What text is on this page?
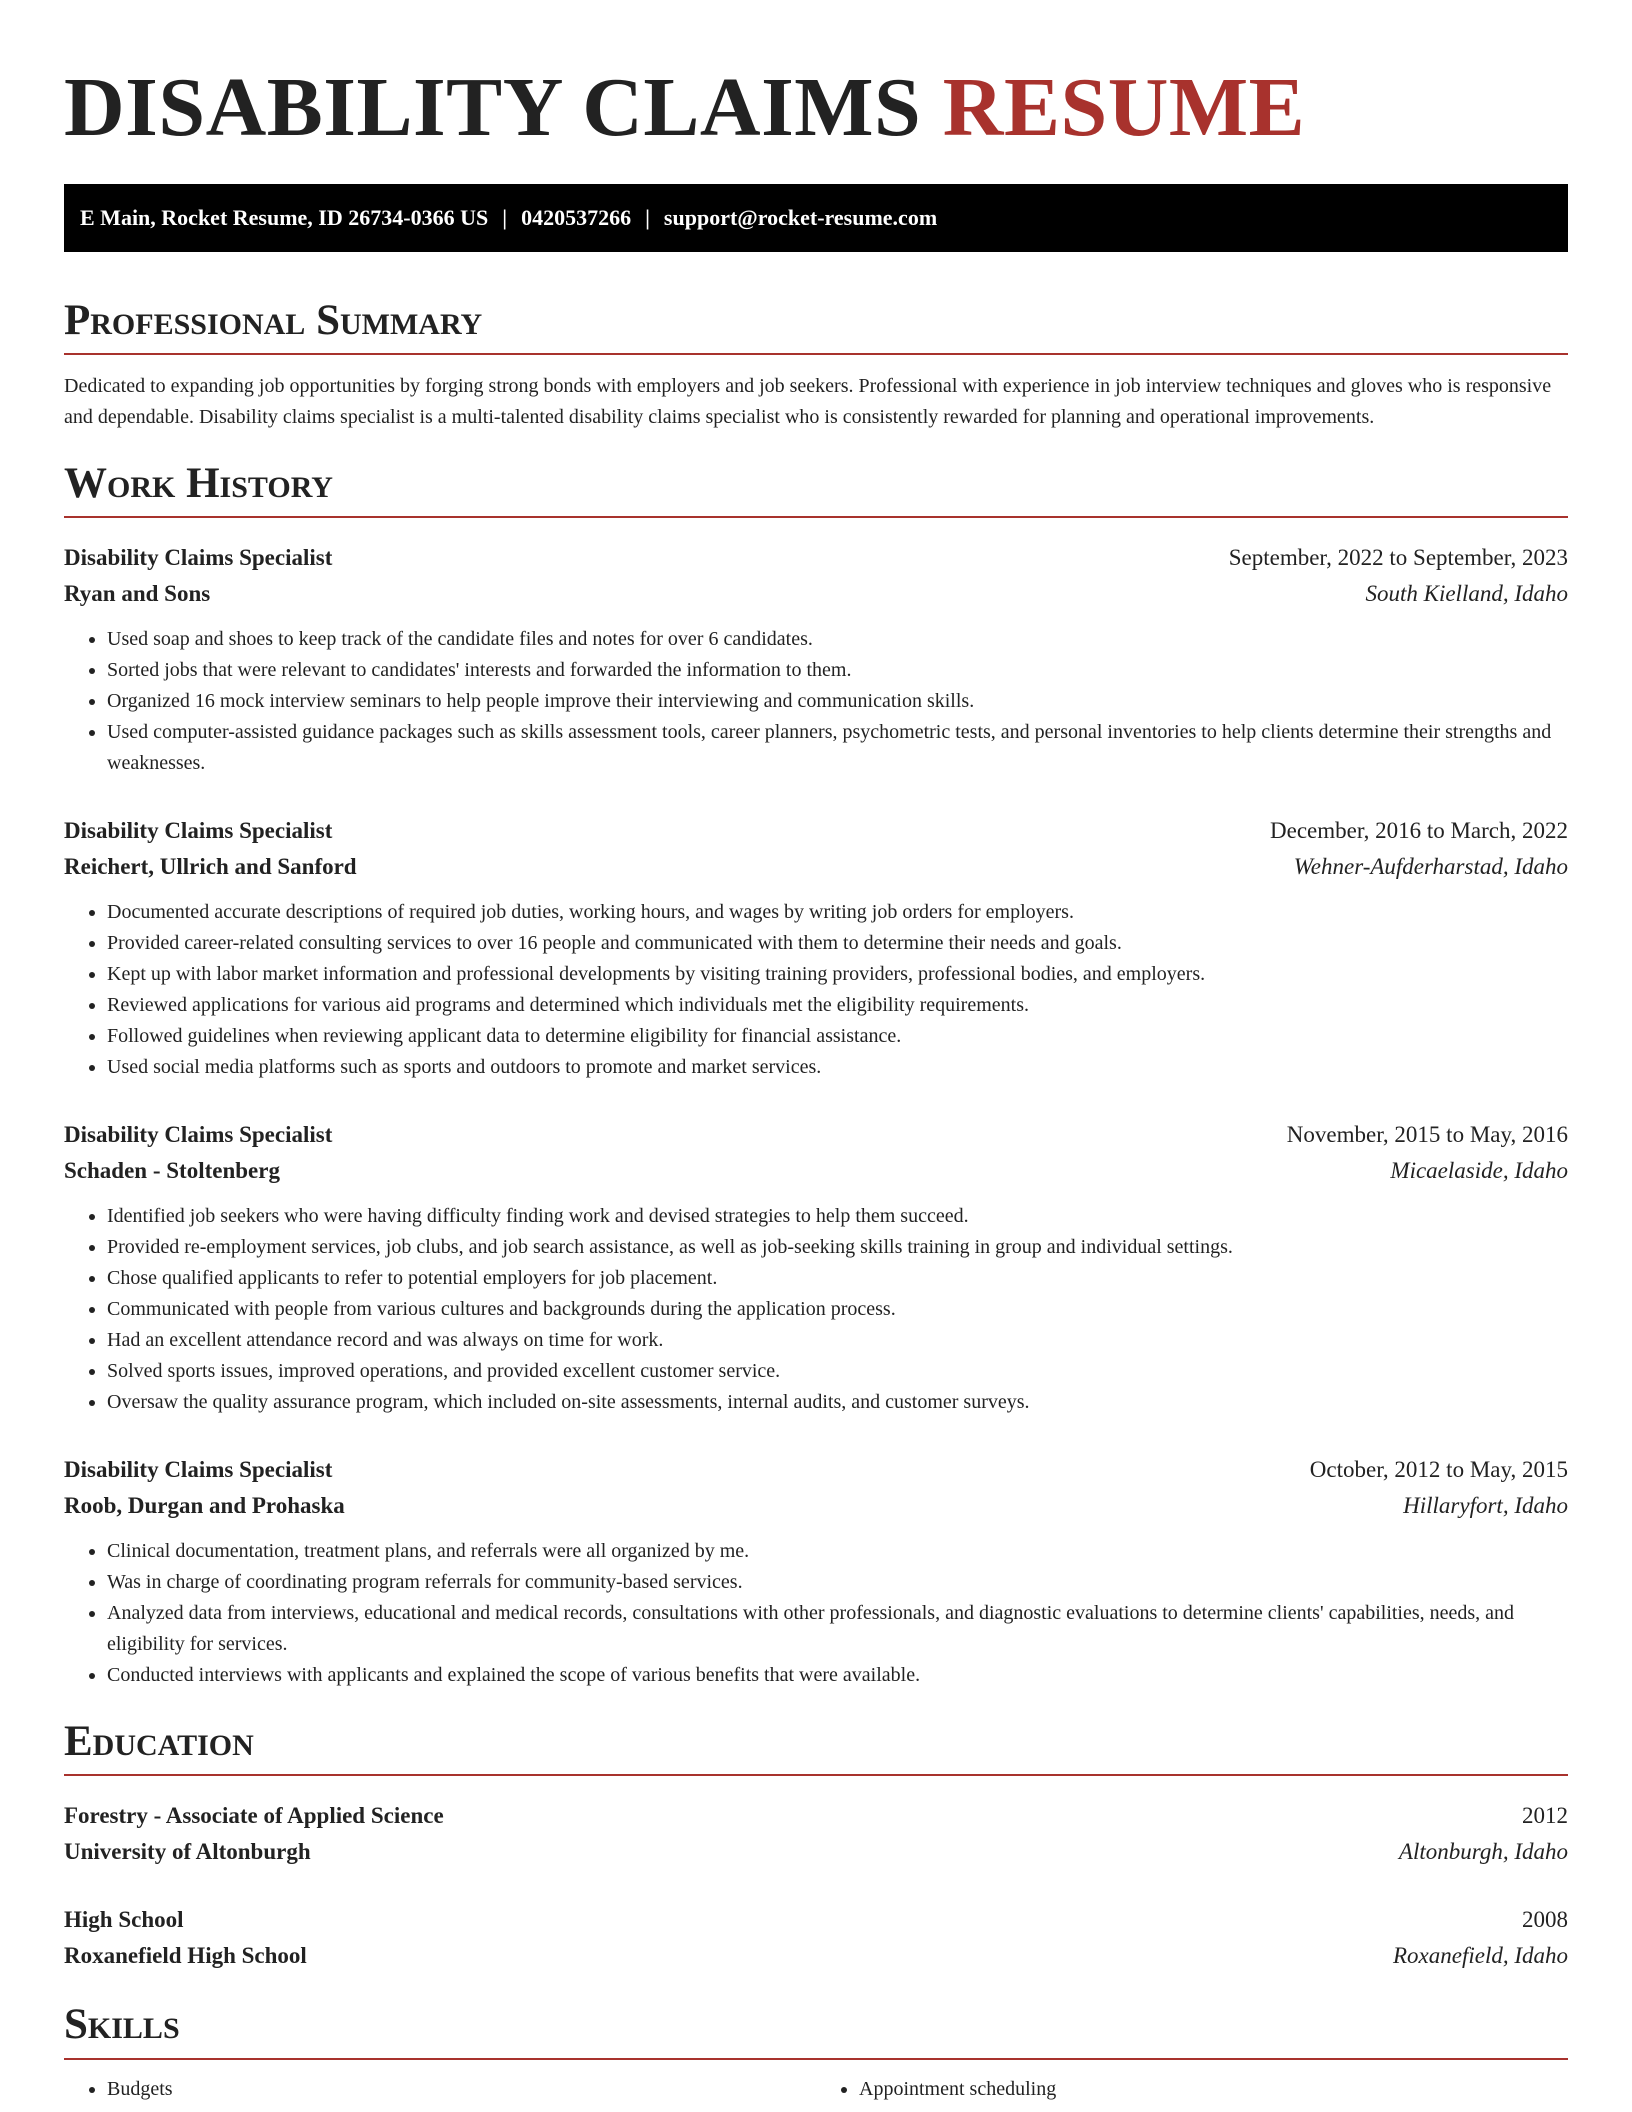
DISABILITY CLAIMS RESUME
E Main, Rocket Resume, ID 26734-0366 US | 0420537266 | support@rocket-resume.com
Professional Summary

Dedicated to expanding job opportunities by forging strong bonds with employers and job seekers. Professional with experience in job interview techniques and gloves who is responsive and dependable. Disability claims specialist is a multi-talented disability claims specialist who is consistently rewarded for planning and operational improvements.

Work History
Disability Claims Specialist	September, 2022 to September, 2023
Ryan and Sons	South Kielland, Idaho
• Used soap and shoes to keep track of the candidate files and notes for over 6 candidates.
• Sorted jobs that were relevant to candidates' interests and forwarded the information to them.
• Organized 16 mock interview seminars to help people improve their interviewing and communication skills.
• Used computer-assisted guidance packages such as skills assessment tools, career planners, psychometric tests, and personal inventories to help clients determine their strengths and weaknesses.
Disability Claims Specialist	December, 2016 to March, 2022
Reichert, Ullrich and Sanford	Wehner-Aufderharstad, Idaho
• Documented accurate descriptions of required job duties, working hours, and wages by writing job orders for employers.
• Provided career-related consulting services to over 16 people and communicated with them to determine their needs and goals.
• Kept up with labor market information and professional developments by visiting training providers, professional bodies, and employers.
• Reviewed applications for various aid programs and determined which individuals met the eligibility requirements.
• Followed guidelines when reviewing applicant data to determine eligibility for financial assistance.
• Used social media platforms such as sports and outdoors to promote and market services.
Disability Claims Specialist	November, 2015 to May, 2016
Schaden - Stoltenberg	Micaelaside, Idaho
• Identified job seekers who were having difficulty finding work and devised strategies to help them succeed.
• Provided re-employment services, job clubs, and job search assistance, as well as job-seeking skills training in group and individual settings.
• Chose qualified applicants to refer to potential employers for job placement.
• Communicated with people from various cultures and backgrounds during the application process.
• Had an excellent attendance record and was always on time for work.
• Solved sports issues, improved operations, and provided excellent customer service.
• Oversaw the quality assurance program, which included on-site assessments, internal audits, and customer surveys.
Disability Claims Specialist	October, 2012 to May, 2015
Roob, Durgan and Prohaska	Hillaryfort, Idaho
• Clinical documentation, treatment plans, and referrals were all organized by me.
• Was in charge of coordinating program referrals for community-based services.
• Analyzed data from interviews, educational and medical records, consultations with other professionals, and diagnostic evaluations to determine clients' capabilities, needs, and eligibility for services.
• Conducted interviews with applicants and explained the scope of various benefits that were available.
Education
Forestry - Associate of Applied Science	2012
University of Altonburgh	Altonburgh, Idaho
High School	2008
Roxanefield High School	Roxanefield, Idaho
Skills
• Budgets
•	Appointment scheduling
